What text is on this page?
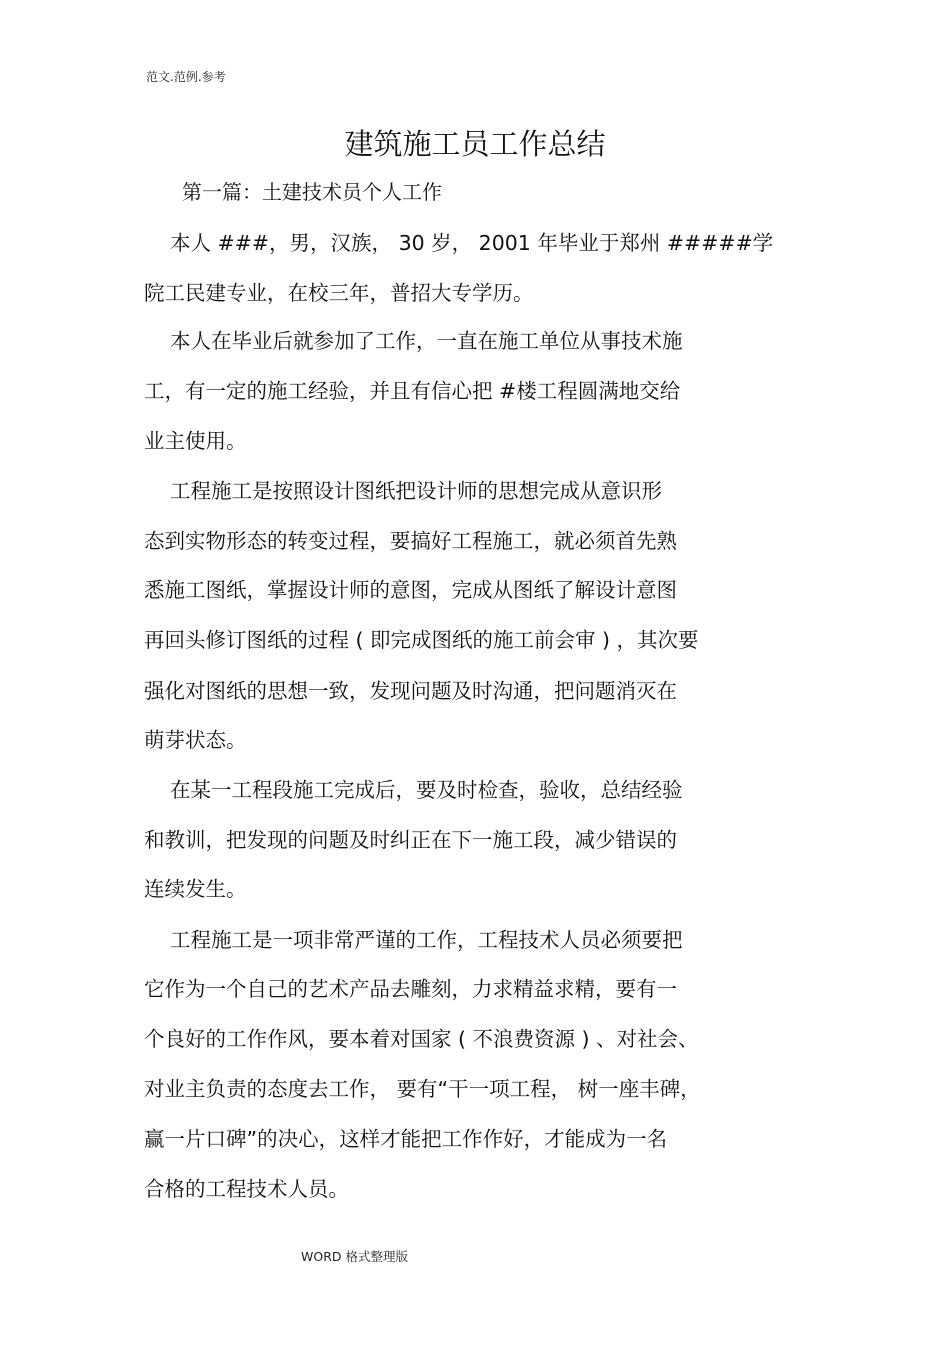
范文.范例.参考
建筑施工员工作总结
第一篇：土建技术员个人工作
本人 ###，男，汉族， 30 岁， 2001 年毕业于郑州 #####学
院工民建专业，在校三年，普招大专学历。
本人在毕业后就参加了工作，一直在施工单位从事技术施
工，有一定的施工经验，并且有信心把 #楼工程圆满地交给
业主使用。
工程施工是按照设计图纸把设计师的思想完成从意识形
态到实物形态的转变过程，要搞好工程施工，就必须首先熟
悉施工图纸，掌握设计师的意图，完成从图纸了解设计意图
再回头修订图纸的过程 ( 即完成图纸的施工前会审 ) ，其次要
强化对图纸的思想一致，发现问题及时沟通，把问题消灭在
萌芽状态。
在某一工程段施工完成后，要及时检查，验收，总结经验
和教训，把发现的问题及时纠正在下一施工段，减少错误的
连续发生。
工程施工是一项非常严谨的工作，工程技术人员必须要把
它作为一个自己的艺术产品去雕刻，力求精益求精，要有一
个良好的工作作风，要本着对国家 ( 不浪费资源 ) 、对社会、
对业主负责的态度去工作， 要有“干一项工程， 树一座丰碑，
赢一片口碑”的决心，这样才能把工作作好，才能成为一名
合格的工程技术人员。
WORD 格式整理版
